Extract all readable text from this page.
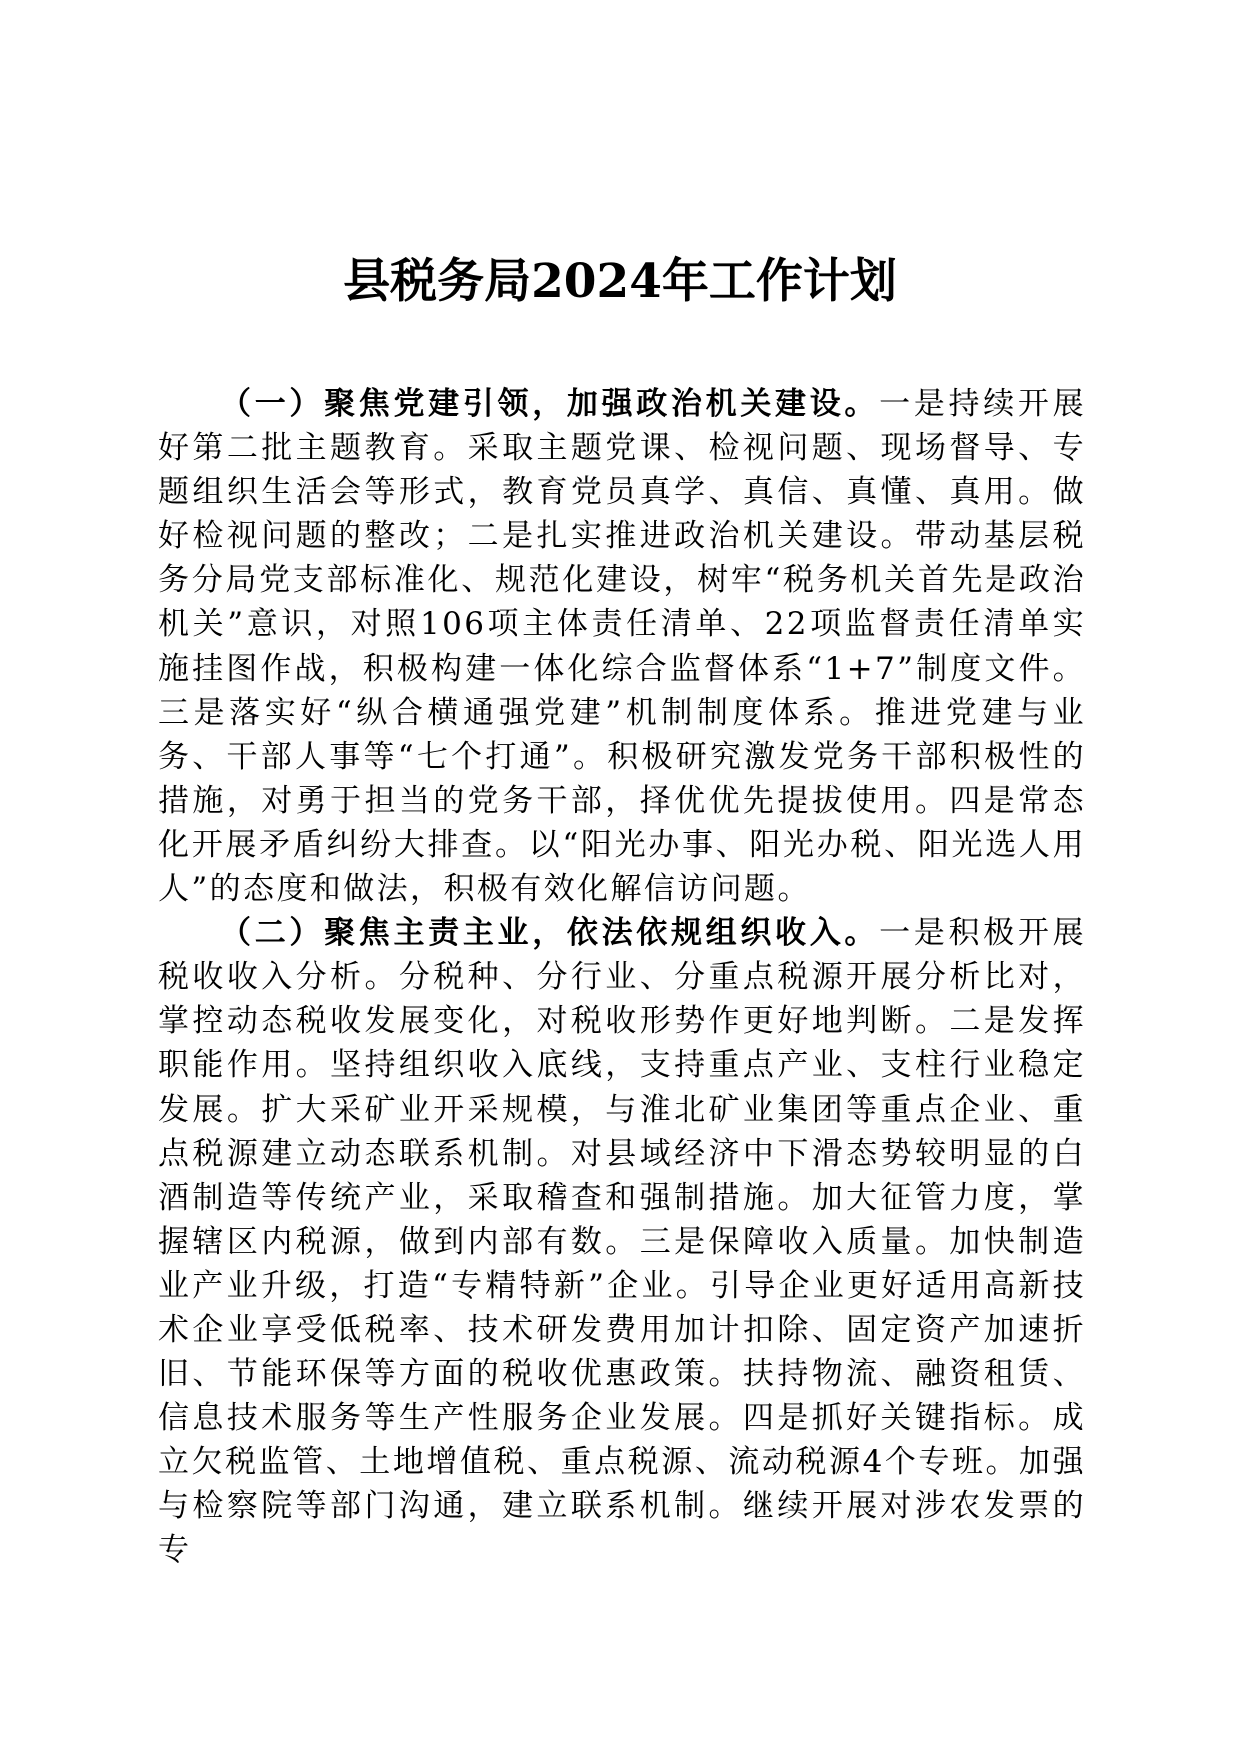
县税务局2024年工作计划

（一）聚焦党建引领，加强政治机关建设。一是持续开展好第二批主题教育。采取主题党课、检视问题、现场督导、专题组织生活会等形式，教育党员真学、真信、真懂、真用。做好检视问题的整改；二是扎实推进政治机关建设。带动基层税务分局党支部标准化、规范化建设，树牢“税务机关首先是政治机关”意识，对照106项主体责任清单、22项监督责任清单实施挂图作战，积极构建一体化综合监督体系“1+7”制度文件。三是落实好“纵合横通强党建”机制制度体系。推进党建与业务、干部人事等“七个打通”。积极研究激发党务干部积极性的措施，对勇于担当的党务干部，择优优先提拔使用。四是常态化开展矛盾纠纷大排查。以“阳光办事、阳光办税、阳光选人用人”的态度和做法，积极有效化解信访问题。

（二）聚焦主责主业，依法依规组织收入。一是积极开展税收收入分析。分税种、分行业、分重点税源开展分析比对，掌控动态税收发展变化，对税收形势作更好地判断。二是发挥职能作用。坚持组织收入底线，支持重点产业、支柱行业稳定发展。扩大采矿业开采规模，与淮北矿业集团等重点企业、重点税源建立动态联系机制。对县域经济中下滑态势较明显的白酒制造等传统产业，采取稽查和强制措施。加大征管力度，掌握辖区内税源，做到内部有数。三是保障收入质量。加快制造业产业升级，打造“专精特新”企业。引导企业更好适用高新技术企业享受低税率、技术研发费用加计扣除、固定资产加速折旧、节能环保等方面的税收优惠政策。扶持物流、融资租赁、信息技术服务等生产性服务企业发展。四是抓好关键指标。成立欠税监管、土地增值税、重点税源、流动税源4个专班。加强与检察院等部门沟通，建立联系机制。继续开展对涉农发票的专
